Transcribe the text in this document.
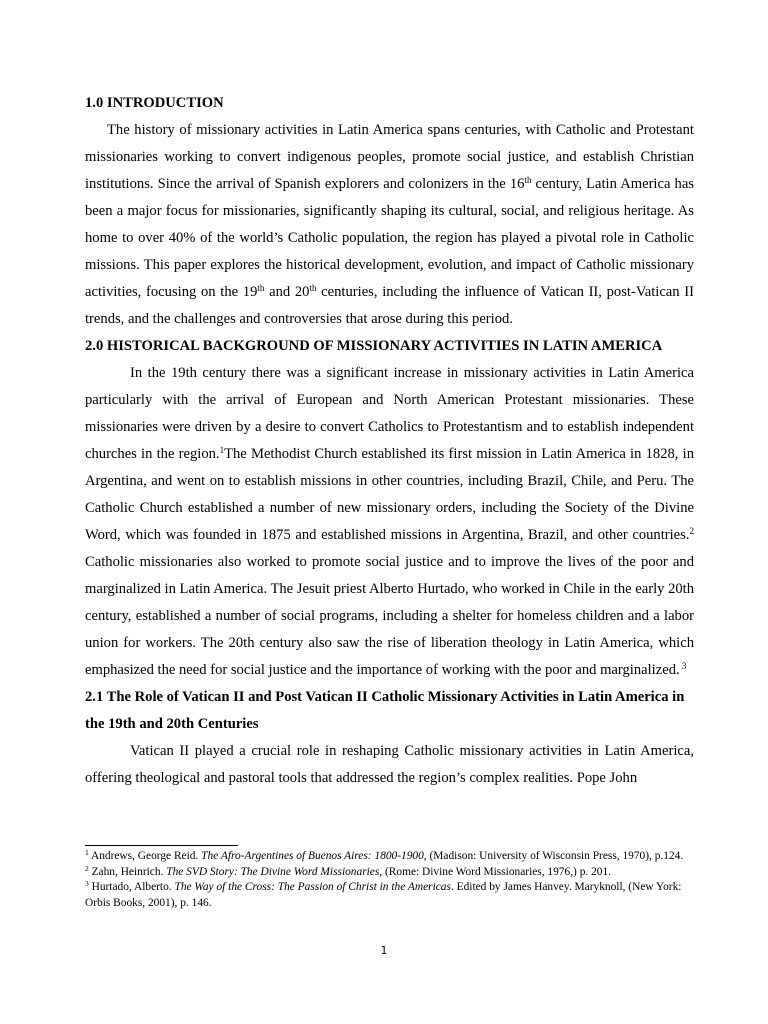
1.0 INTRODUCTION

The history of missionary activities in Latin America spans centuries, with Catholic and Protestant missionaries working to convert indigenous peoples, promote social justice, and establish Christian institutions. Since the arrival of Spanish explorers and colonizers in the 16th century, Latin America has been a major focus for missionaries, significantly shaping its cultural, social, and religious heritage. As home to over 40% of the world’s Catholic population, the region has played a pivotal role in Catholic missions. This paper explores the historical development, evolution, and impact of Catholic missionary activities, focusing on the 19th and 20th centuries, including the influence of Vatican II, post-Vatican II trends, and the challenges and controversies that arose during this period.

2.0 HISTORICAL BACKGROUND OF MISSIONARY ACTIVITIES IN LATIN AMERICA

In the 19th century there was a significant increase in missionary activities in Latin America particularly with the arrival of European and North American Protestant missionaries. These missionaries were driven by a desire to convert Catholics to Protestantism and to establish independent churches in the region.$^1$The Methodist Church established its first mission in Latin America in 1828, in Argentina, and went on to establish missions in other countries, including Brazil, Chile, and Peru. The Catholic Church established a number of new missionary orders, including the Society of the Divine Word, which was founded in 1875 and established missions in Argentina, Brazil, and other countries.$^2$ Catholic missionaries also worked to promote social justice and to improve the lives of the poor and marginalized in Latin America. The Jesuit priest Alberto Hurtado, who worked in Chile in the early 20th century, established a number of social programs, including a shelter for homeless children and a labor union for workers. The 20th century also saw the rise of liberation theology in Latin America, which emphasized the need for social justice and the importance of working with the poor and marginalized. $^3$

2.1 The Role of Vatican II and Post Vatican II Catholic Missionary Activities in Latin America in the 19th and 20th Centuries

Vatican II played a crucial role in reshaping Catholic missionary activities in Latin America, offering theological and pastoral tools that addressed the region’s complex realities. Pope John

$^1$ Andrews, George Reid. The Afro-Argentines of Buenos Aires: 1800-1900, (Madison: University of Wisconsin Press, 1970), p.124.

$^2$ Zahn, Heinrich. The SVD Story: The Divine Word Missionaries, (Rome: Divine Word Missionaries, 1976,) p. 201.

$^3$ Hurtado, Alberto. The Way of the Cross: The Passion of Christ in the Americas. Edited by James Hanvey. Maryknoll, (New York: Orbis Books, 2001), p. 146.

1
